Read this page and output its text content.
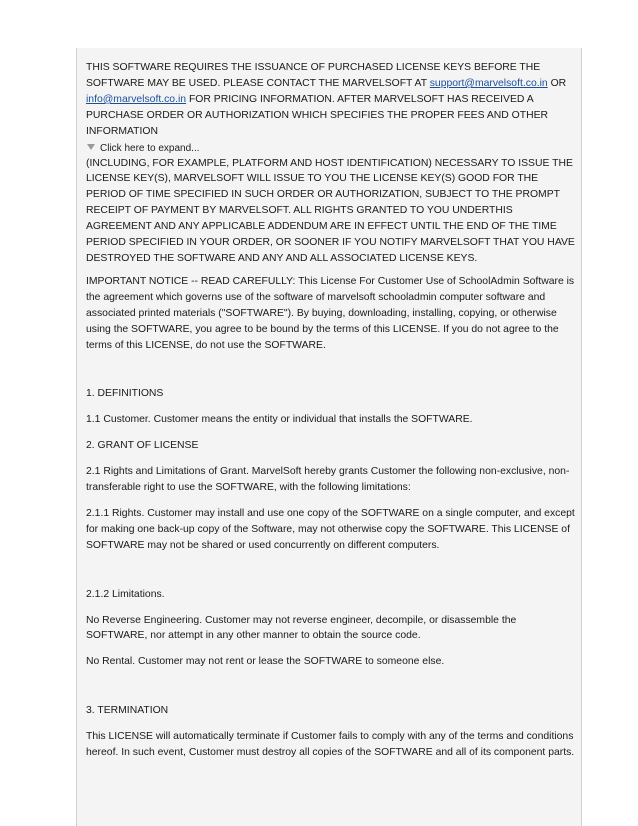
THIS SOFTWARE REQUIRES THE ISSUANCE OF PURCHASED LICENSE KEYS BEFORE THE SOFTWARE MAY BE USED. PLEASE CONTACT THE MARVELSOFT AT support@marvelsoft.co.in OR info@marvelsoft.co.in FOR PRICING INFORMATION. AFTER MARVELSOFT HAS RECEIVED A PURCHASE ORDER OR AUTHORIZATION WHICH SPECIFIES THE PROPER FEES AND OTHER INFORMATION

Click here to expand...

(INCLUDING, FOR EXAMPLE, PLATFORM AND HOST IDENTIFICATION) NECESSARY TO ISSUE THE LICENSE KEY(S), MARVELSOFT WILL ISSUE TO YOU THE LICENSE KEY(S) GOOD FOR THE PERIOD OF TIME SPECIFIED IN SUCH ORDER OR AUTHORIZATION, SUBJECT TO THE PROMPT RECEIPT OF PAYMENT BY MARVELSOFT. ALL RIGHTS GRANTED TO YOU UNDERTHIS AGREEMENT AND ANY APPLICABLE ADDENDUM ARE IN EFFECT UNTIL THE END OF THE TIME PERIOD SPECIFIED IN YOUR ORDER, OR SOONER IF YOU NOTIFY MARVELSOFT THAT YOU HAVE DESTROYED THE SOFTWARE AND ANY AND ALL ASSOCIATED LICENSE KEYS.

IMPORTANT NOTICE -- READ CAREFULLY: This License For Customer Use of SchoolAdmin Software is the agreement which governs use of the software of marvelsoft schooladmin computer software and associated printed materials ("SOFTWARE"). By buying, downloading, installing, copying, or otherwise using the SOFTWARE, you agree to be bound by the terms of this LICENSE. If you do not agree to the terms of this LICENSE, do not use the SOFTWARE.

1. DEFINITIONS

1.1 Customer. Customer means the entity or individual that installs the SOFTWARE.

2. GRANT OF LICENSE

2.1 Rights and Limitations of Grant. MarvelSoft hereby grants Customer the following non-exclusive, non-transferable right to use the SOFTWARE, with the following limitations:

2.1.1 Rights. Customer may install and use one copy of the SOFTWARE on a single computer, and except for making one back-up copy of the Software, may not otherwise copy the SOFTWARE. This LICENSE of SOFTWARE may not be shared or used concurrently on different computers.

2.1.2 Limitations.

No Reverse Engineering. Customer may not reverse engineer, decompile, or disassemble the SOFTWARE, nor attempt in any other manner to obtain the source code.

No Rental. Customer may not rent or lease the SOFTWARE to someone else.

3. TERMINATION

This LICENSE will automatically terminate if Customer fails to comply with any of the terms and conditions hereof. In such event, Customer must destroy all copies of the SOFTWARE and all of its component parts.
